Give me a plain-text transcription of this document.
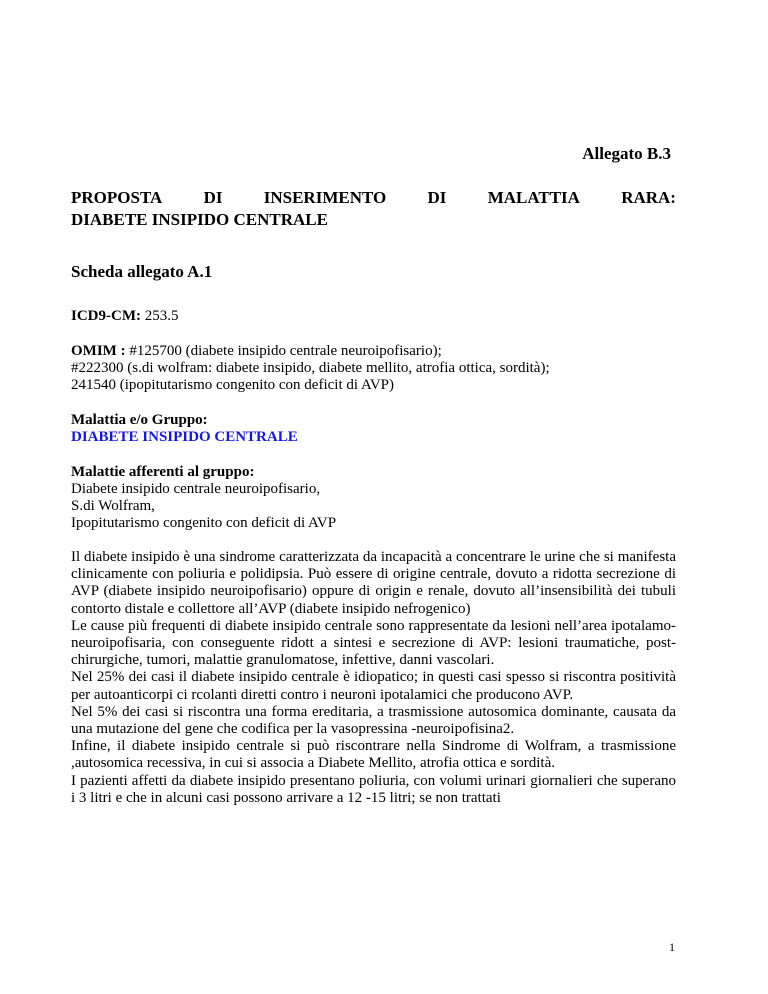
Allegato B.3
PROPOSTA DI INSERIMENTO DI MALATTIA RARA:
DIABETE INSIPIDO CENTRALE
Scheda allegato A.1
ICD9-CM: 253.5
OMIM : #125700 (diabete insipido centrale neuroipofisario);
#222300 (s.di wolfram: diabete insipido, diabete mellito, atrofia ottica, sordità);
241540 (ipopitutarismo congenito con deficit di AVP)
Malattia e/o Gruppo:
DIABETE INSIPIDO CENTRALE
Malattie afferenti al gruppo:
Diabete insipido centrale neuroipofisario,
S.di Wolfram,
Ipopitutarismo congenito con deficit di AVP

Il diabete insipido è una sindrome caratterizzata da incapacità a concentrare le urine che si manifesta clinicamente con poliuria e polidipsia. Può essere di origine centrale, dovuto a ridotta secrezione di AVP (diabete insipido neuroipofisario) oppure di origin e renale, dovuto all’insensibilità dei tubuli contorto distale e collettore all’AVP (diabete insipido nefrogenico)

Le cause più frequenti di diabete insipido centrale sono rappresentate da lesioni nell’area ipotalamo-neuroipofisaria, con conseguente ridott a sintesi e secrezione di AVP: lesioni traumatiche, post-chirurgiche, tumori, malattie granulomatose, infettive, danni vascolari.

Nel 25% dei casi il diabete insipido centrale è idiopatico; in questi casi spesso si riscontra positività per autoanticorpi ci rcolanti diretti contro i neuroni ipotalamici che producono AVP.

Nel 5% dei casi si riscontra una forma ereditaria, a trasmissione autosomica dominante, causata da una mutazione del gene che codifica per la vasopressina -neuroipofisina2.

Infine, il diabete insipido centrale si può riscontrare nella Sindrome di Wolfram, a trasmissione ,autosomica recessiva, in cui si associa a Diabete Mellito, atrofia ottica e sordità.

I pazienti affetti da diabete insipido presentano poliuria, con volumi urinari giornalieri che superano i 3 litri e che in alcuni casi possono arrivare a 12 -15 litri; se non trattati

1
